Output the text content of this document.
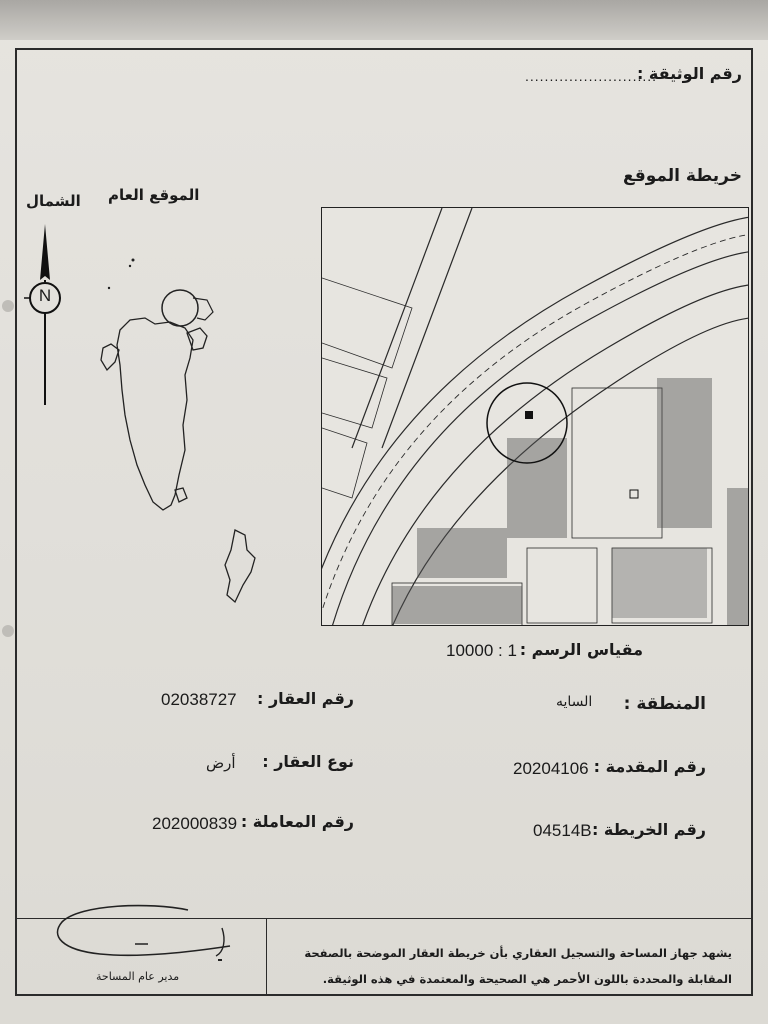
رقم الوثيقة :
...........................
خريطة الموقع
الموقع العام
الشمال
N
مقياس الرسم :
10000 : 1
رقم العقار :
02038727
نوع العقار :
أرض
رقم المعاملة :
202000839
المنطقة :
السايه
رقم المقدمة :
20204106
رقم الخريطة :
04514B
يشهد جهاز المساحة والتسجيل العقاري بأن خريطة العقار الموضحة بالصفحة
المقابلة والمحددة باللون الأحمر هي الصحيحة والمعتمدة في هذه الوثيقة.
مدير عام المساحة
